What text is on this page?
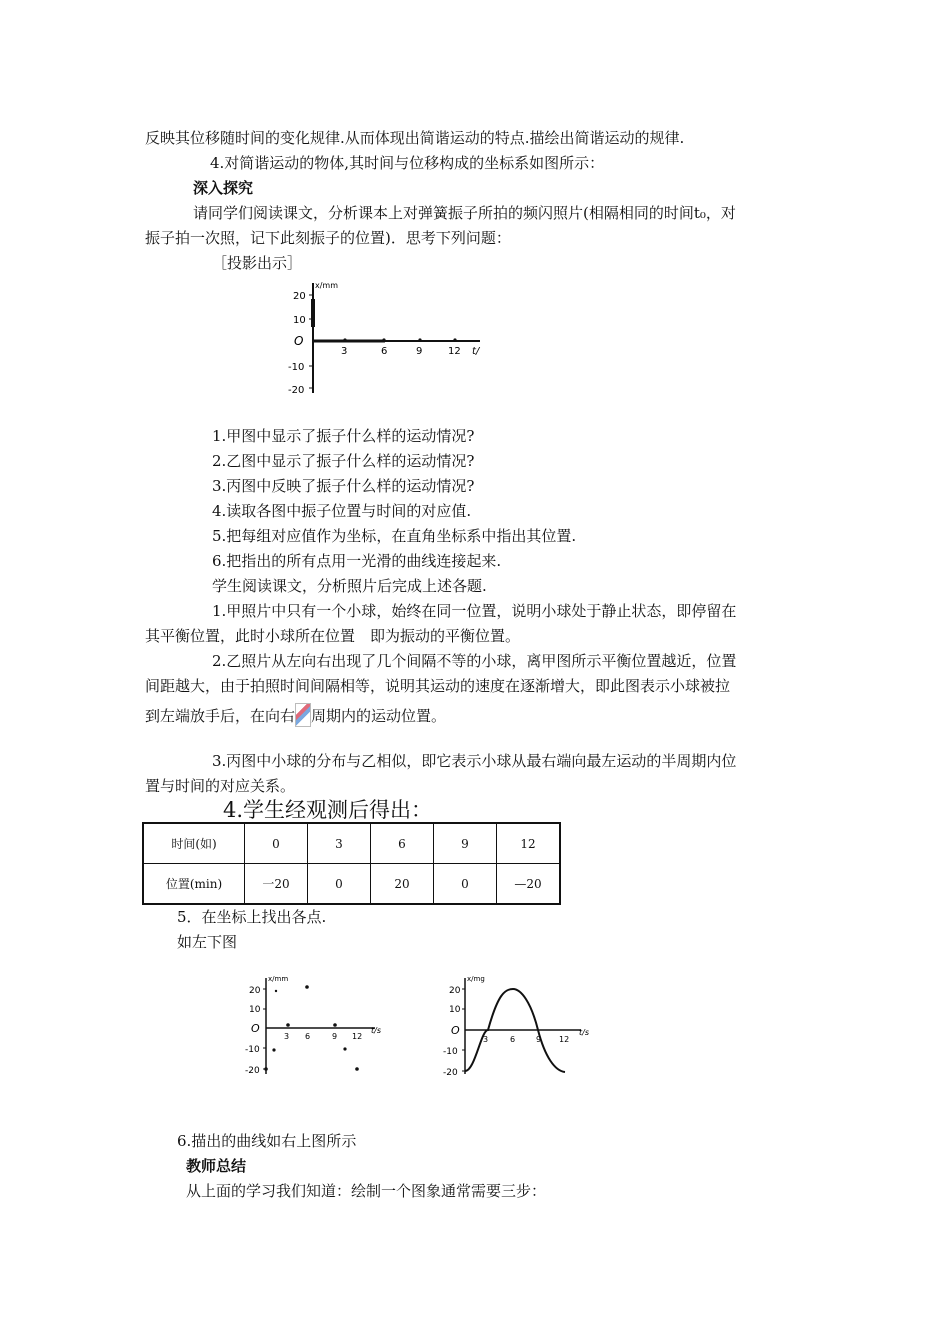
反映其位移随时间的变化规律.从而体现出简谐运动的特点.描绘出简谐运动的规律.
4.对简谐运动的物体,其时间与位移构成的坐标系如图所示：
深入探究
请同学们阅读课文，分析课本上对弹簧振子所拍的频闪照片(相隔相同的时间t₀，对
振子拍一次照，记下此刻振子的位置)．思考下列问题：
［投影出示］
x/mm
20
10
O
-10
-20
3	6	9	12 t/
1.甲图中显示了振子什么样的运动情况?
2.乙图中显示了振子什么样的运动情况?
3.丙图中反映了振子什么样的运动情况?
4.读取各图中振子位置与时间的对应值.
5.把每组对应值作为坐标，在直角坐标系中指出其位置.
6.把指出的所有点用一光滑的曲线连接起来.
学生阅读课文，分析照片后完成上述各题.
1.甲照片中只有一个小球，始终在同一位置，说明小球处于静止状态，即停留在
其平衡位置，此时小球所在位置　即为振动的平衡位置。
2.乙照片从左向右出现了几个间隔不等的小球，离甲图所示平衡位置越近，位置
间距越大，由于拍照时间间隔相等，说明其运动的速度在逐渐增大，即此图表示小球被拉
到左端放手后，在向右 周期内的运动位置。
3.丙图中小球的分布与乙相似，即它表示小球从最右端向最左运动的半周期内位
置与时间的对应关系。
4.学生经观测后得出：
时间(如)	0	3	6	9	12
位置(min)	一20	0	20	0	—20
5．在坐标上找出各点.
如左下图
x/mm
20
10
O
-10
-20
3 6	9 12
t/s
x/mg
20
10
O
-10
-20
3	6	9 12
t/s
6.描出的曲线如右上图所示
教师总结
从上面的学习我们知道：绘制一个图象通常需要三步：
